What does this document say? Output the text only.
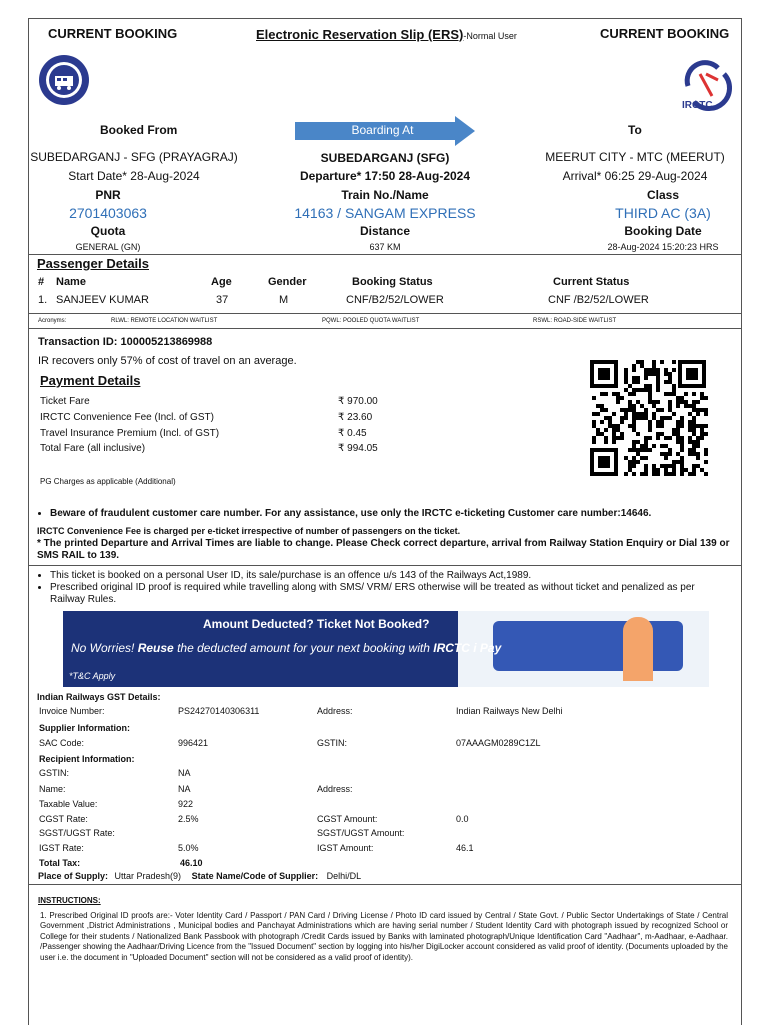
CURRENT BOOKING	Electronic Reservation Slip (ERS)-Normal User	CURRENT BOOKING
IRCTC
Booked From	Boarding At	To
SUBEDARGANJ - SFG (PRAYAGRAJ)	SUBEDARGANJ (SFG)	MEERUT CITY - MTC (MEERUT)
Start Date* 28-Aug-2024	Departure* 17:50 28-Aug-2024	Arrival* 06:25 29-Aug-2024
PNR	Train No./Name	Class
2701403063	14163 / SANGAM EXPRESS	THIRD AC (3A)
Quota	Distance	Booking Date
GENERAL (GN)	637 KM	28-Aug-2024 15:20:23 HRS
Passenger Details
# Name	Age	Gender	Booking Status	Current Status
1. SANJEEV KUMAR	37	M	CNF/B2/52/LOWER	CNF /B2/52/LOWER
Acronyms:	RLWL: REMOTE LOCATION WAITLIST	PQWL: POOLED QUOTA WAITLIST	RSWL: ROAD-SIDE WAITLIST
Transaction ID: 100005213869988
IR recovers only 57% of cost of travel on an average.
Payment Details
Ticket Fare	₹ 970.00
IRCTC Convenience Fee (Incl. of GST)	₹ 23.60
Travel Insurance Premium (Incl. of GST)	₹ 0.45
Total Fare (all inclusive)	₹ 994.05
PG Charges as applicable (Additional)
• Beware of fraudulent customer care number. For any assistance, use only the IRCTC e-ticketing Customer care number:14646.
IRCTC Convenience Fee is charged per e-ticket irrespective of number of passengers on the ticket.
* The printed Departure and Arrival Times are liable to change. Please Check correct departure, arrival from Railway Station Enquiry or Dial 139 or SMS RAIL to 139.
• This ticket is booked on a personal User ID, its sale/purchase is an offence u/s 143 of the Railways Act,1989.
• Prescribed original ID proof is required while travelling along with SMS/ VRM/ ERS otherwise will be treated as without ticket and penalized as per Railway Rules.
Amount Deducted? Ticket Not Booked?
No Worries! Reuse the deducted amount for your next booking with IRCTC i Pay
*T&C Apply
Indian Railways GST Details:
Invoice Number:	PS24270140306311	Address:	Indian Railways New Delhi
Supplier Information:
SAC Code:	996421	GSTIN:	07AAAGM0289C1ZL
Recipient Information:
GSTIN:	NA
Name:	NA	Address:
Taxable Value:	922
CGST Rate:	2.5%	CGST Amount:	0.0
SGST/UGST Rate:	SGST/UGST Amount:
IGST Rate:	5.0%	IGST Amount:	46.1
Total Tax:	46.10
Place of Supply: Uttar Pradesh(9) State Name/Code of Supplier: Delhi/DL
INSTRUCTIONS:
1. Prescribed Original ID proofs are:- Voter Identity Card / Passport / PAN Card / Driving License / Photo ID card issued by Central / State Govt. / Public Sector Undertakings of State / Central Government ,District Administrations , Municipal bodies and Panchayat Administrations which are having serial number / Student Identity Card with photograph issued by recognized School or College for their students / Nationalized Bank Passbook with photograph /Credit Cards issued by Banks with laminated photograph/Unique Identification Card "Aadhaar", m-Aadhaar, e-Aadhaar. /Passenger showing the Aadhaar/Driving Licence from the "Issued Document" section by logging into his/her DigiLocker account considered as valid proof of identity. (Documents uploaded by the user i.e. the document in "Uploaded Document" section will not be considered as a valid proof of identity).
